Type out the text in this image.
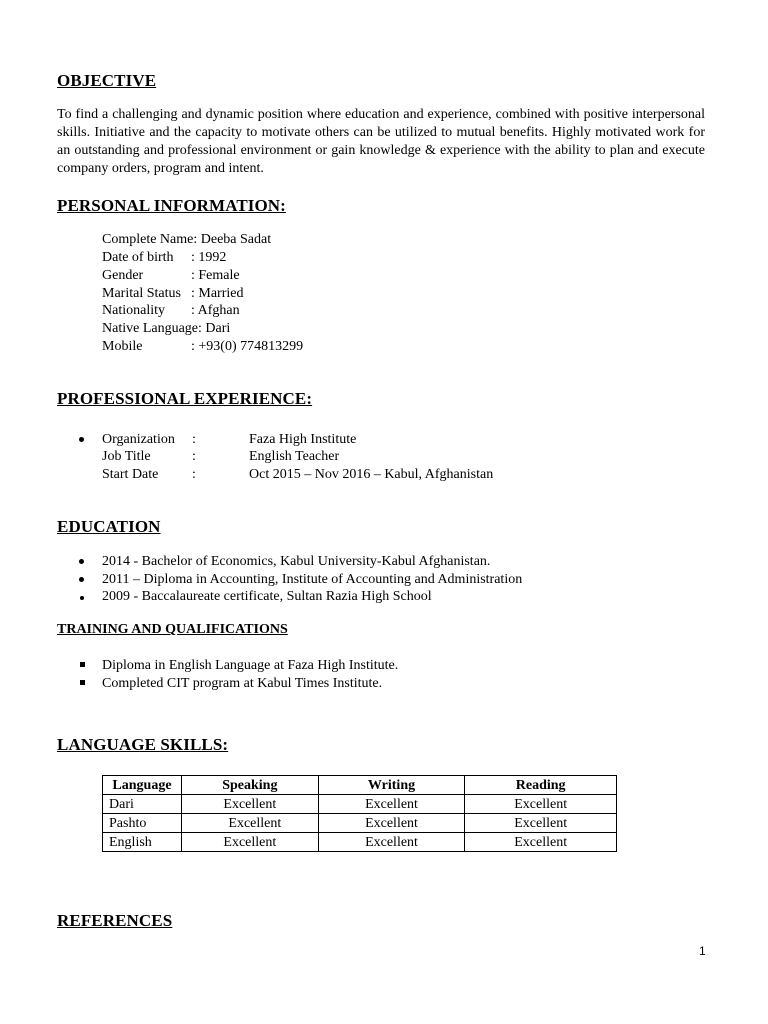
OBJECTIVE
To find a challenging and dynamic position where education and experience, combined with positive interpersonal skills. Initiative and the capacity to motivate others can be utilized to mutual benefits. Highly motivated work for an outstanding and professional environment or gain knowledge & experience with the ability to plan and execute company orders, program and intent.
PERSONAL INFORMATION:
Complete Name: Deeba Sadat
Date of birth : 1992
Gender	: Female
Marital Status : Married
Nationality : Afghan
Native Language: Dari
Mobile	: +93(0) 774813299
PROFESSIONAL EXPERIENCE:
Organization :	Faza High Institute
Job Title	:	English Teacher
Start Date :	Oct 2015 – Nov 2016 – Kabul, Afghanistan
EDUCATION
2014 - Bachelor of Economics, Kabul University-Kabul Afghanistan.
2011 – Diploma in Accounting, Institute of Accounting and Administration
2009 - Baccalaureate certificate, Sultan Razia High School
TRAINING AND QUALIFICATIONS
Diploma in English Language at Faza High Institute.
Completed CIT program at Kabul Times Institute.
LANGUAGE SKILLS:
Language	Speaking	Writing	Reading
Dari	Excellent	Excellent	Excellent
Pashto	Excellent	Excellent	Excellent
English	Excellent	Excellent	Excellent
REFERENCES
1
